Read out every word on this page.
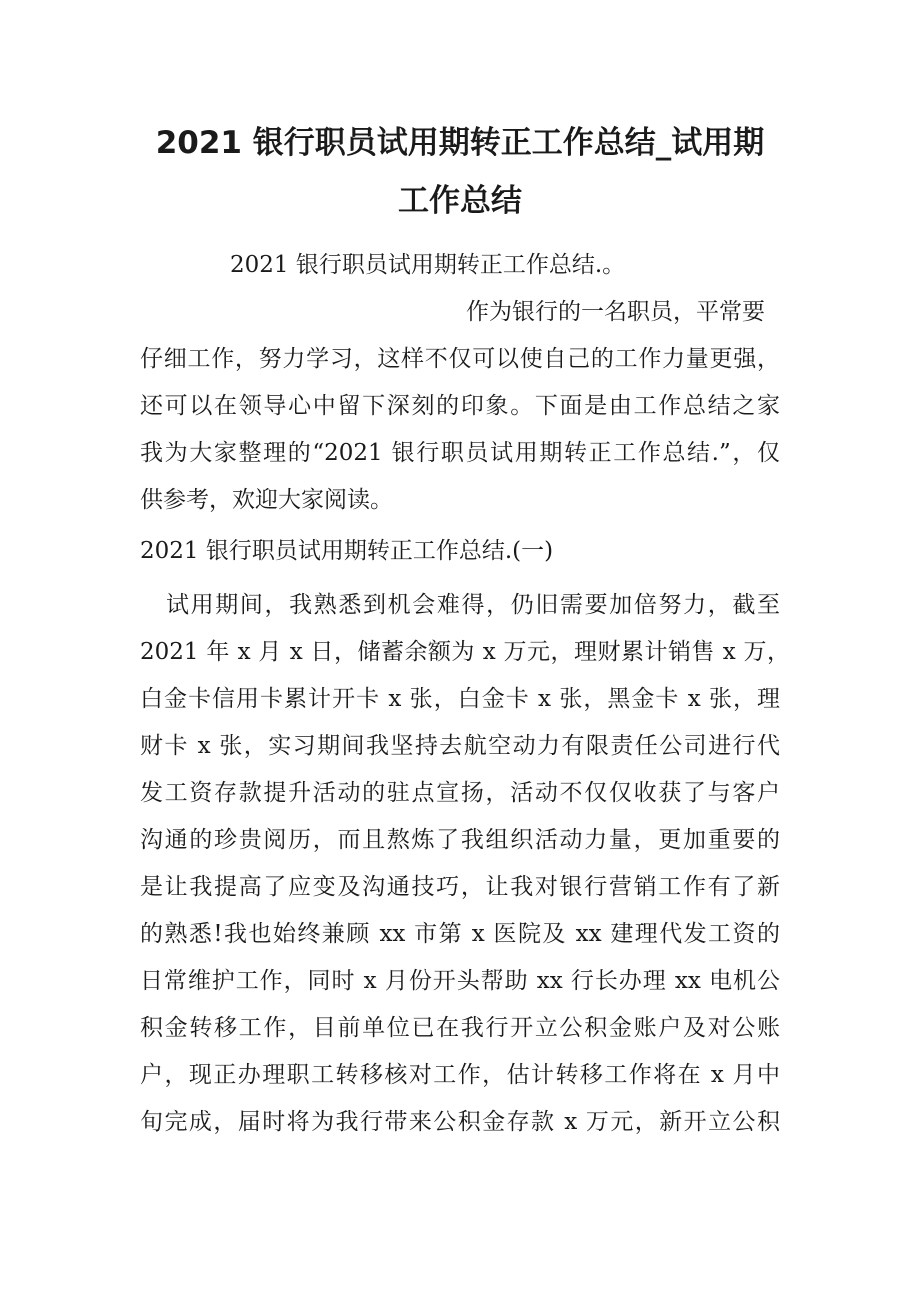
2021 银行职员试用期转正工作总结_试用期
工作总结

2021 银行职员试用期转正工作总结.。

作为银行的一名职员，平常要

仔细工作，努力学习，这样不仅可以使自己的工作力量更强，

还可以在领导心中留下深刻的印象。下面是由工作总结之家

我为大家整理的“2021 银行职员试用期转正工作总结.”，仅

供参考，欢迎大家阅读。

2021 银行职员试用期转正工作总结.(一)

试用期间，我熟悉到机会难得，仍旧需要加倍努力，截至

2021 年 x 月 x 日，储蓄余额为 x 万元，理财累计销售 x 万，

白金卡信用卡累计开卡 x 张，白金卡 x 张，黑金卡 x 张，理

财卡 x 张，实习期间我坚持去航空动力有限责任公司进行代

发工资存款提升活动的驻点宣扬，活动不仅仅收获了与客户

沟通的珍贵阅历，而且熬炼了我组织活动力量，更加重要的

是让我提高了应变及沟通技巧，让我对银行营销工作有了新

的熟悉!我也始终兼顾 xx 市第 x 医院及 xx 建理代发工资的

日常维护工作，同时 x 月份开头帮助 xx 行长办理 xx 电机公

积金转移工作，目前单位已在我行开立公积金账户及对公账

户，现正办理职工转移核对工作，估计转移工作将在 x 月中

旬完成，届时将为我行带来公积金存款 x 万元，新开立公积
